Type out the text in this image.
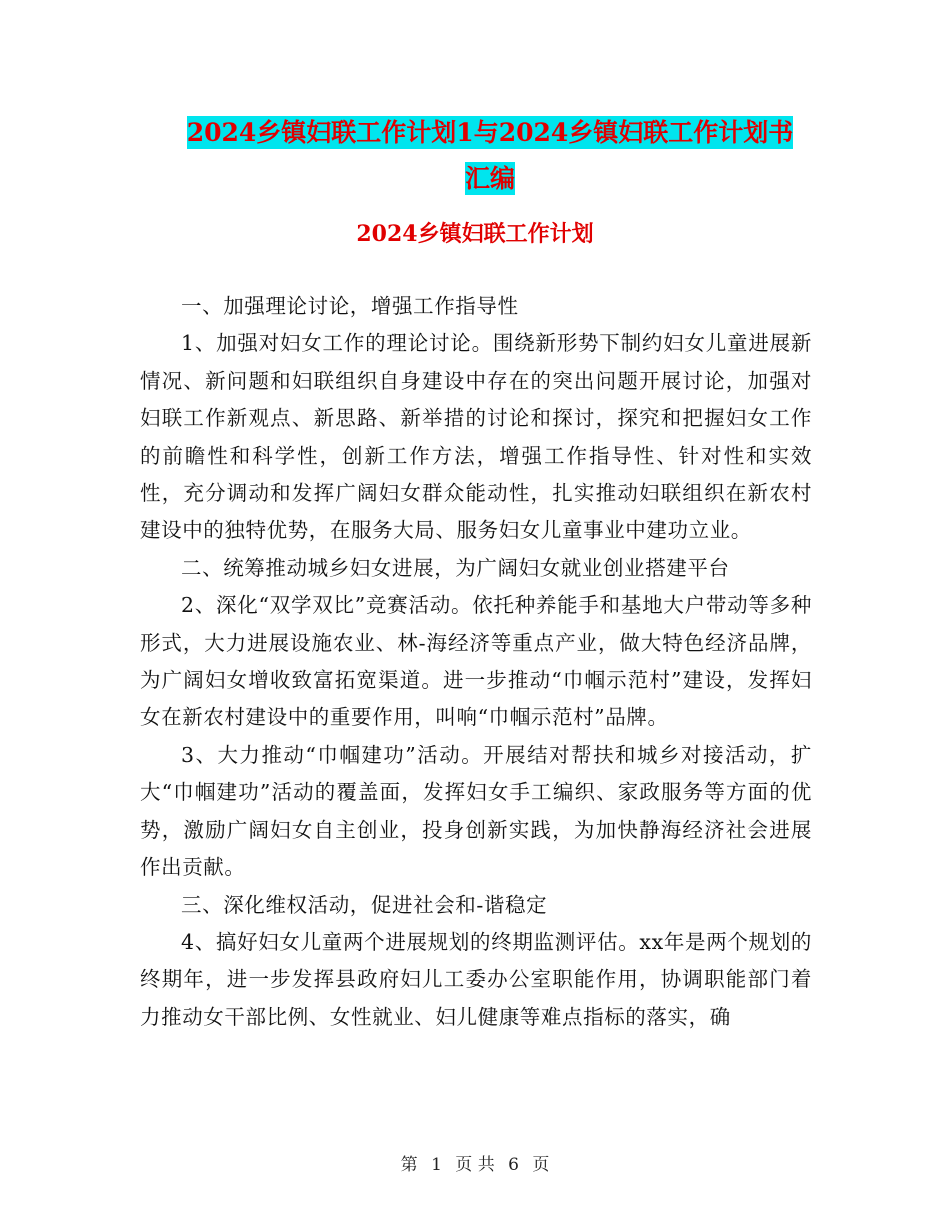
2024乡镇妇联工作计划1与2024乡镇妇联工作计划书
汇编
2024乡镇妇联工作计划

一、加强理论讨论，增强工作指导性

1、加强对妇女工作的理论讨论。围绕新形势下制约妇女儿童进展新情况、新问题和妇联组织自身建设中存在的突出问题开展讨论，加强对妇联工作新观点、新思路、新举措的讨论和探讨，探究和把握妇女工作的前瞻性和科学性，创新工作方法，增强工作指导性、针对性和实效性，充分调动和发挥广阔妇女群众能动性，扎实推动妇联组织在新农村建设中的独特优势，在服务大局、服务妇女儿童事业中建功立业。

二、统筹推动城乡妇女进展，为广阔妇女就业创业搭建平台

2、深化“双学双比”竞赛活动。依托种养能手和基地大户带动等多种形式，大力进展设施农业、林-海经济等重点产业，做大特色经济品牌，为广阔妇女增收致富拓宽渠道。进一步推动“巾帼示范村”建设，发挥妇女在新农村建设中的重要作用，叫响“巾帼示范村”品牌。

3、大力推动“巾帼建功”活动。开展结对帮扶和城乡对接活动，扩大“巾帼建功”活动的覆盖面，发挥妇女手工编织、家政服务等方面的优势，激励广阔妇女自主创业，投身创新实践，为加快静海经济社会进展作出贡献。

三、深化维权活动，促进社会和-谐稳定

4、搞好妇女儿童两个进展规划的终期监测评估。xx年是两个规划的终期年，进一步发挥县政府妇儿工委办公室职能作用，协调职能部门着力推动女干部比例、女性就业、妇儿健康等难点指标的落实，确

第 1 页 共 6 页
